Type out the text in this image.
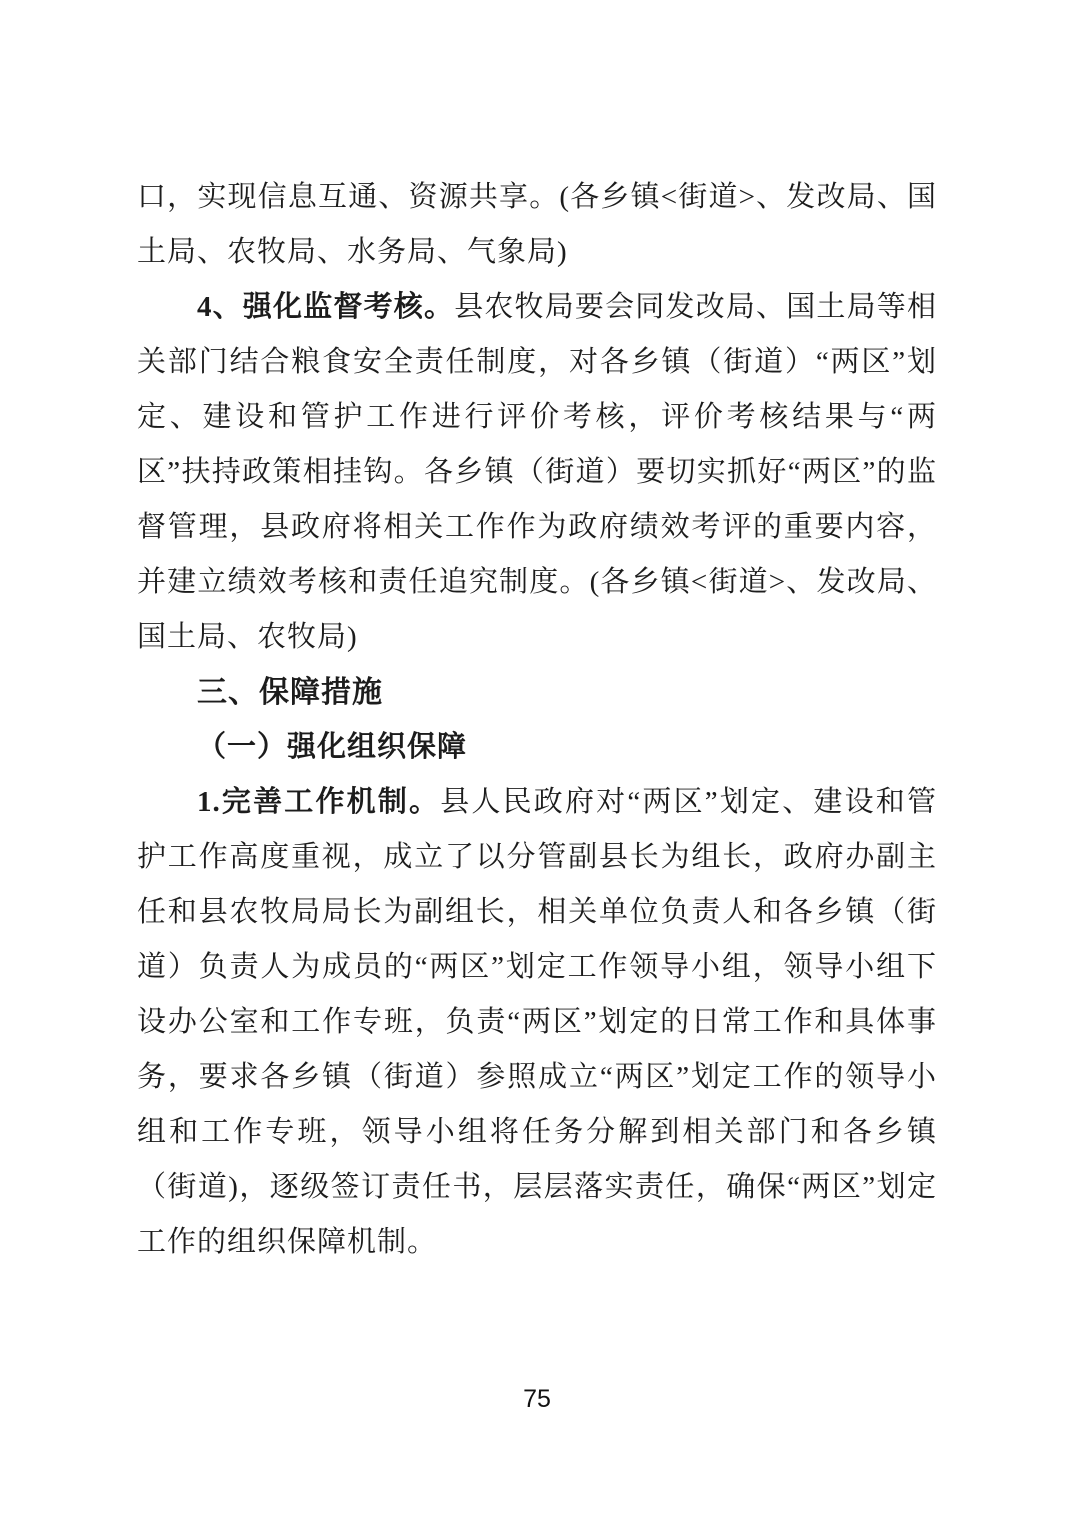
口，实现信息互通、资源共享。(各乡镇<街道>、发改局、国土局、农牧局、水务局、气象局)

4、强化监督考核。县农牧局要会同发改局、国土局等相关部门结合粮食安全责任制度，对各乡镇（街道）“两区”划定、建设和管护工作进行评价考核，评价考核结果与“两区”扶持政策相挂钩。各乡镇（街道）要切实抓好“两区”的监督管理，县政府将相关工作作为政府绩效考评的重要内容，并建立绩效考核和责任追究制度。(各乡镇<街道>、发改局、国土局、农牧局)

三、保障措施
（一）强化组织保障

1.完善工作机制。县人民政府对“两区”划定、建设和管护工作高度重视，成立了以分管副县长为组长，政府办副主任和县农牧局局长为副组长，相关单位负责人和各乡镇（街道）负责人为成员的“两区”划定工作领导小组，领导小组下设办公室和工作专班，负责“两区”划定的日常工作和具体事务，要求各乡镇（街道）参照成立“两区”划定工作的领导小组和工作专班，领导小组将任务分解到相关部门和各乡镇（街道)，逐级签订责任书，层层落实责任，确保“两区”划定工作的组织保障机制。

75
